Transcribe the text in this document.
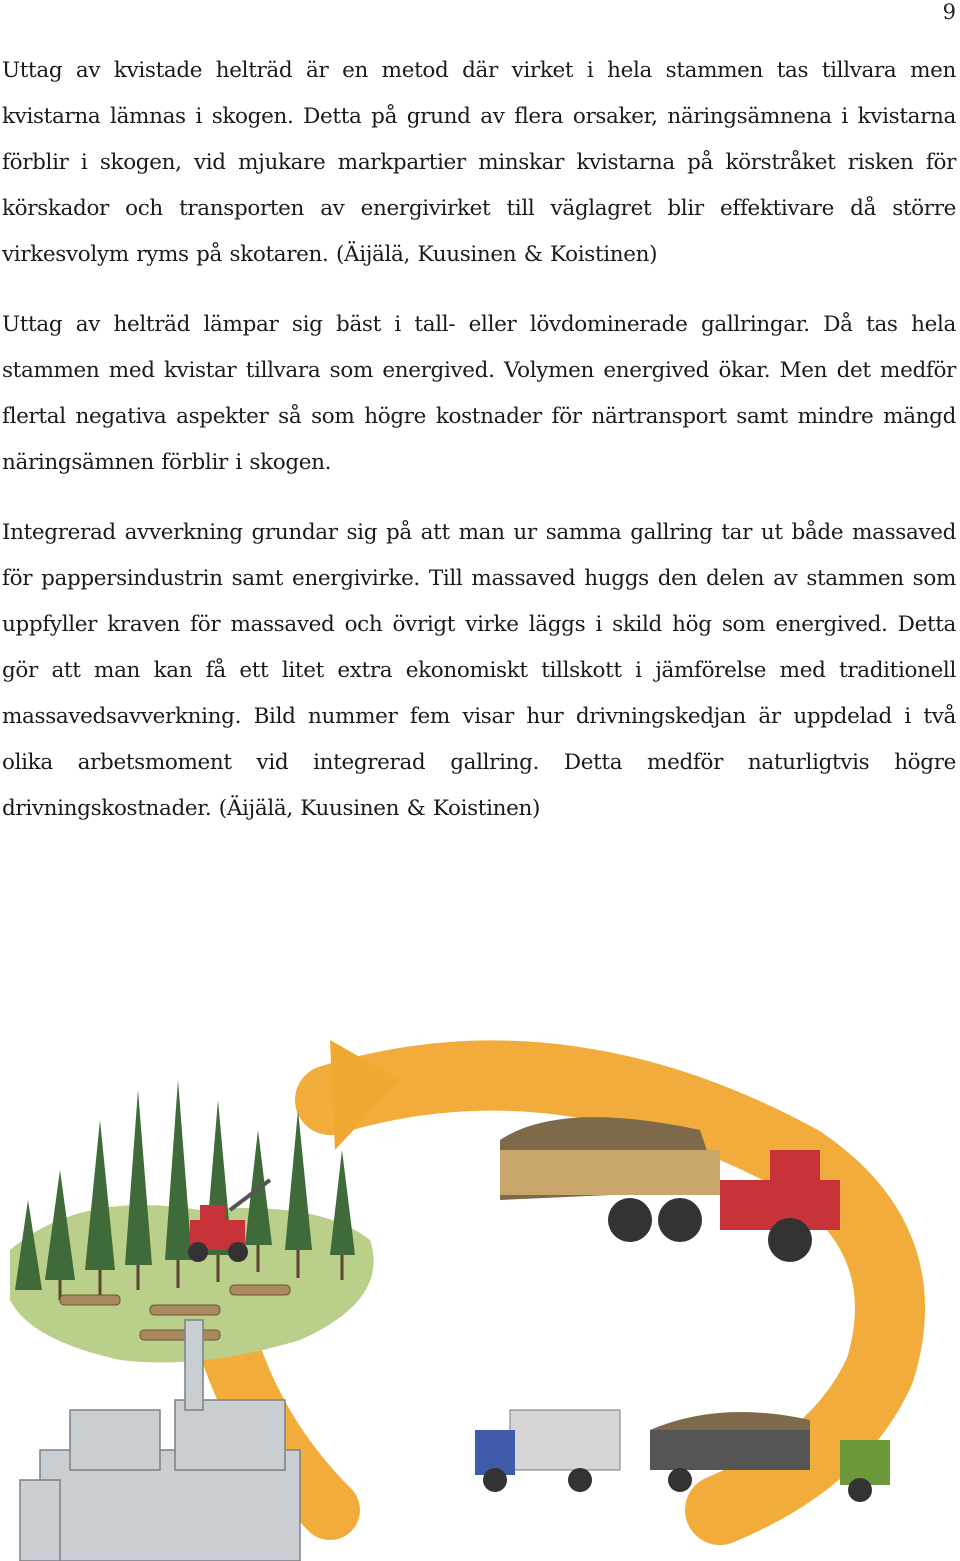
9

Uttag av kvistade helträd är en metod där virket i hela stammen tas tillvara men kvistarna lämnas i skogen. Detta på grund av flera orsaker, näringsämnena i kvistarna förblir i skogen, vid mjukare markpartier minskar kvistarna på körstråket risken för körskador och transporten av energivirket till väglagret blir effektivare då större virkesvolym ryms på skotaren. (Äijälä, Kuusinen & Koistinen)

Uttag av helträd lämpar sig bäst i tall- eller lövdominerade gallringar. Då tas hela stammen med kvistar tillvara som energived. Volymen energived ökar. Men det medför flertal negativa aspekter så som högre kostnader för närtransport samt mindre mängd näringsämnen förblir i skogen.

Integrerad avverkning grundar sig på att man ur samma gallring tar ut både massaved för pappersindustrin samt energivirke. Till massaved huggs den delen av stammen som uppfyller kraven för massaved och övrigt virke läggs i skild hög som energived. Detta gör att man kan få ett litet extra ekonomiskt tillskott i jämförelse med traditionell massavedsavverkning. Bild nummer fem visar hur drivningskedjan är uppdelad i två olika arbetsmoment vid integrerad gallring. Detta medför naturligtvis högre drivningskostnader. (Äijälä, Kuusinen & Koistinen)
